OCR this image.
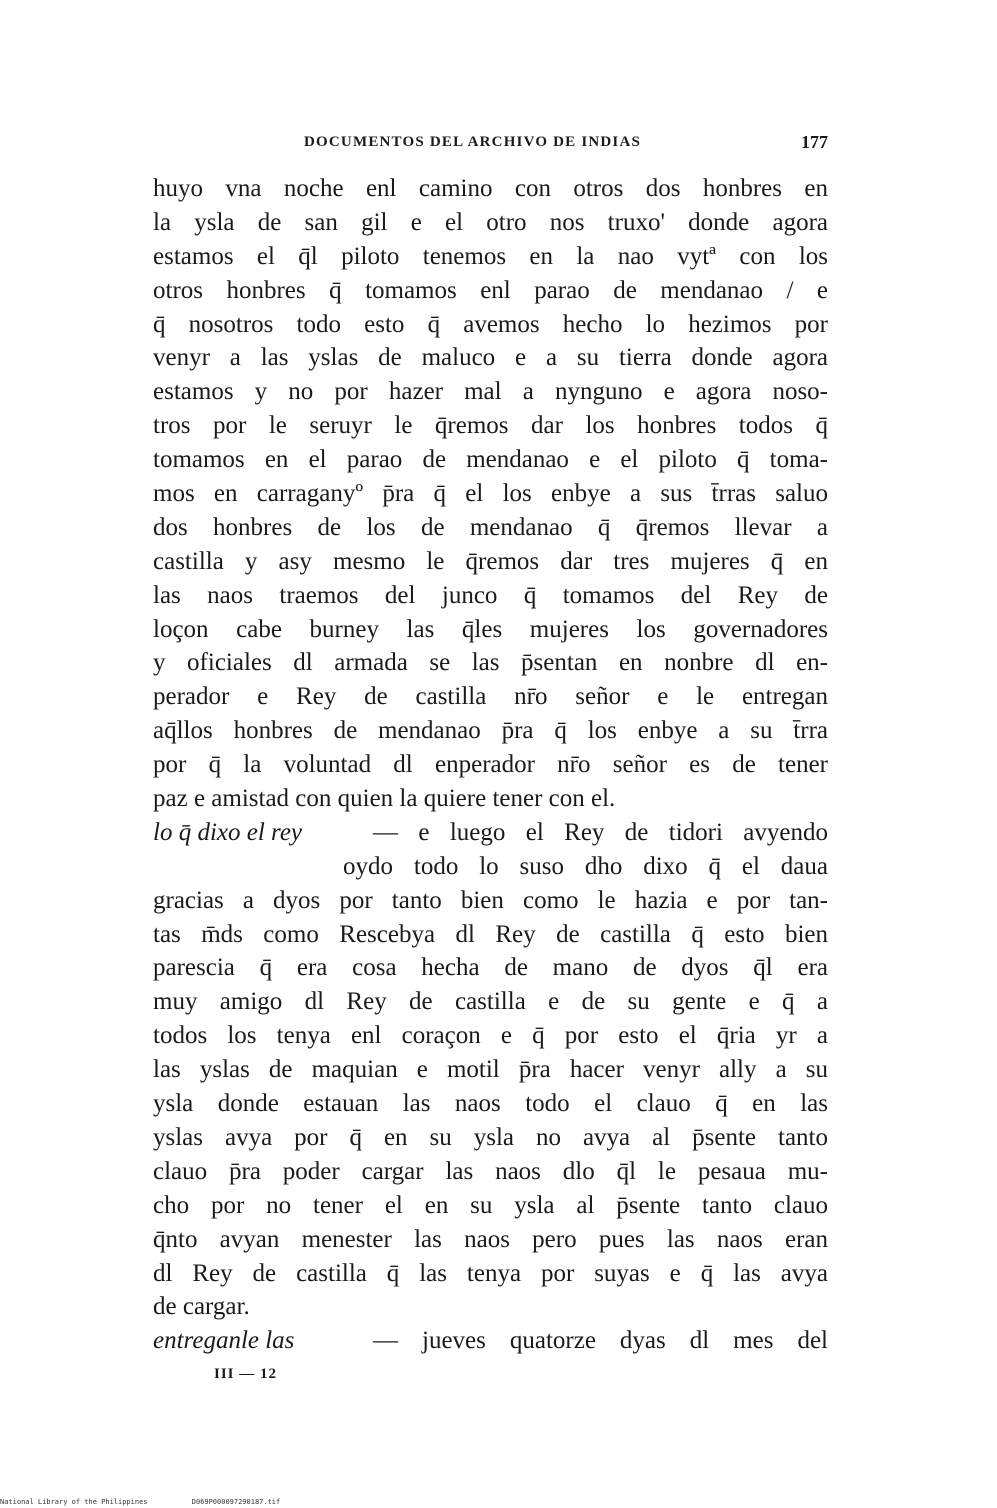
DOCUMENTOS DEL ARCHIVO DE INDIAS	177
huyo vna noche enl camino con otros dos honbres en
la ysla de san gil e el otro nos truxo' donde agora
estamos el q̄l piloto tenemos en la nao vytª con los
otros honbres q̄ tomamos enl parao de mendanao / e
q̄ nosotros todo esto q̄ avemos hecho lo hezimos por
venyr a las yslas de maluco e a su tierra donde agora
estamos y no por hazer mal a nynguno e agora noso-
tros por le seruyr le q̄remos dar los honbres todos q̄
tomamos en el parao de mendanao e el piloto q̄ toma-
mos en carraganyº p̄ra q̄ el los enbye a sus t̄rras saluo
dos honbres de los de mendanao q̄ q̄remos llevar a
castilla y asy mesmo le q̄remos dar tres mujeres q̄ en
las naos traemos del junco q̄ tomamos del Rey de
loçon cabe burney las q̄les mujeres los governadores
y oficiales dl armada se las p̄sentan en nonbre dl en-
perador e Rey de castilla nr̄o señor e le entregan
aq̄llos honbres de mendanao p̄ra q̄ los enbye a su t̄rra
por q̄ la voluntad dl enperador nr̄o señor es de tener
paz e amistad con quien la quiere tener con el.
lo q̄ dixo el rey	— e luego el Rey de tidori avyendo
oydo todo lo suso dho dixo q̄ el daua
gracias a dyos por tanto bien como le hazia e por tan-
tas m̄ds como Rescebya dl Rey de castilla q̄ esto bien
parescia q̄ era cosa hecha de mano de dyos q̄l era
muy amigo dl Rey de castilla e de su gente e q̄ a
todos los tenya enl coraçon e q̄ por esto el q̄ria yr a
las yslas de maquian e motil p̄ra hacer venyr ally a su
ysla donde estauan las naos todo el clauo q̄ en las
yslas avya por q̄ en su ysla no avya al p̄sente tanto
clauo p̄ra poder cargar las naos dlo q̄l le pesaua mu-
cho por no tener el en su ysla al p̄sente tanto clauo
q̄nto avyan menester las naos pero pues las naos eran
dl Rey de castilla q̄ las tenya por suyas e q̄ las avya
de cargar.
entreganle las	— jueves quatorze dyas dl mes del
III — 12
National Library of the Philippines	D069P000097290187.tif
